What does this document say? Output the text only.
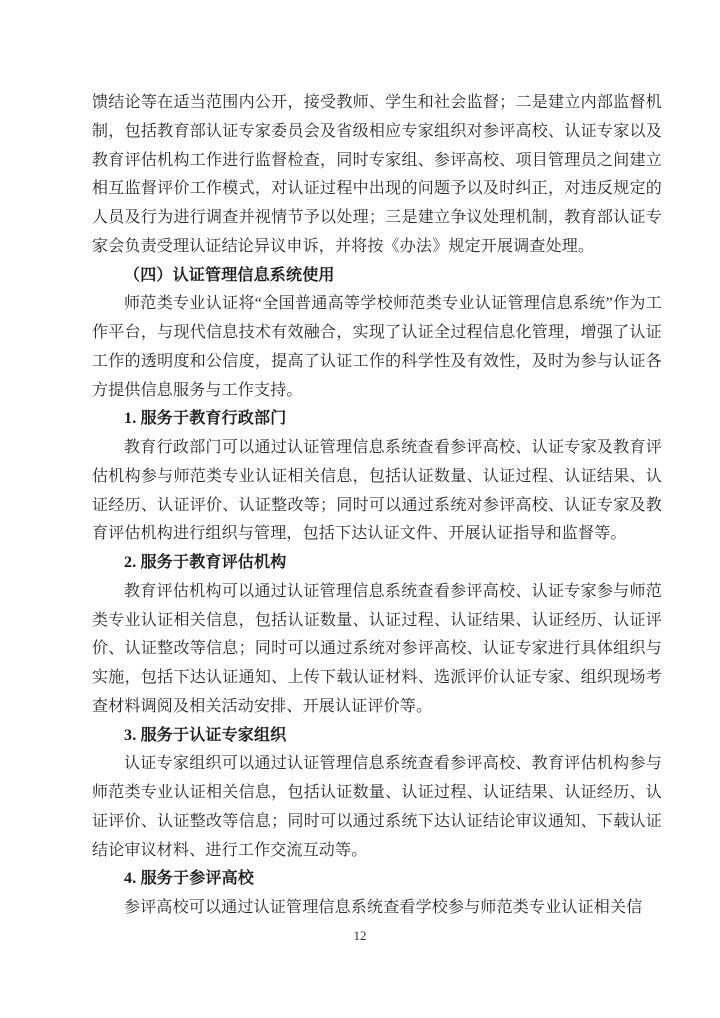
馈结论等在适当范围内公开，接受教师、学生和社会监督；二是建立内部监督机制，包括教育部认证专家委员会及省级相应专家组织对参评高校、认证专家以及教育评估机构工作进行监督检查，同时专家组、参评高校、项目管理员之间建立相互监督评价工作模式，对认证过程中出现的问题予以及时纠正，对违反规定的人员及行为进行调查并视情节予以处理；三是建立争议处理机制，教育部认证专家会负责受理认证结论异议申诉，并将按《办法》规定开展调查处理。

（四）认证管理信息系统使用

师范类专业认证将“全国普通高等学校师范类专业认证管理信息系统”作为工作平台，与现代信息技术有效融合，实现了认证全过程信息化管理，增强了认证工作的透明度和公信度，提高了认证工作的科学性及有效性，及时为参与认证各方提供信息服务与工作支持。

1. 服务于教育行政部门

教育行政部门可以通过认证管理信息系统查看参评高校、认证专家及教育评估机构参与师范类专业认证相关信息，包括认证数量、认证过程、认证结果、认证经历、认证评价、认证整改等；同时可以通过系统对参评高校、认证专家及教育评估机构进行组织与管理，包括下达认证文件、开展认证指导和监督等。

2. 服务于教育评估机构

教育评估机构可以通过认证管理信息系统查看参评高校、认证专家参与师范类专业认证相关信息，包括认证数量、认证过程、认证结果、认证经历、认证评价、认证整改等信息；同时可以通过系统对参评高校、认证专家进行具体组织与实施，包括下达认证通知、上传下载认证材料、选派评价认证专家、组织现场考查材料调阅及相关活动安排、开展认证评价等。

3. 服务于认证专家组织

认证专家组织可以通过认证管理信息系统查看参评高校、教育评估机构参与师范类专业认证相关信息，包括认证数量、认证过程、认证结果、认证经历、认证评价、认证整改等信息；同时可以通过系统下达认证结论审议通知、下载认证结论审议材料、进行工作交流互动等。

4. 服务于参评高校

参评高校可以通过认证管理信息系统查看学校参与师范类专业认证相关信

12
